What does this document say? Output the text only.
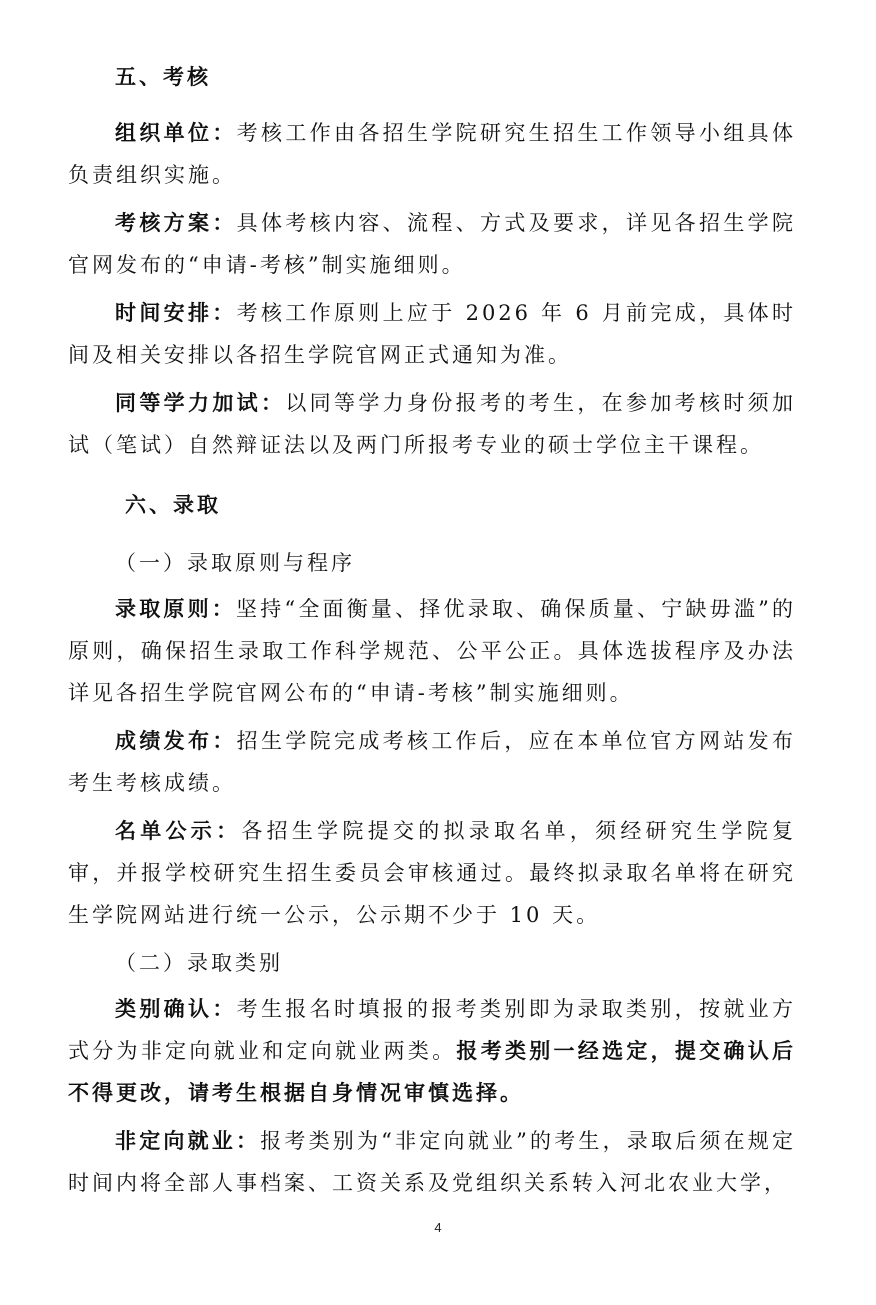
五、考核
组织单位：考核工作由各招生学院研究生招生工作领导小组具体负责组织实施。
考核方案：具体考核内容、流程、方式及要求，详见各招生学院官网发布的“申请-考核”制实施细则。
时间安排：考核工作原则上应于 2026 年 6 月前完成，具体时间及相关安排以各招生学院官网正式通知为准。
同等学力加试：以同等学力身份报考的考生，在参加考核时须加试（笔试）自然辩证法以及两门所报考专业的硕士学位主干课程。
六、录取
（一）录取原则与程序
录取原则：坚持“全面衡量、择优录取、确保质量、宁缺毋滥”的原则，确保招生录取工作科学规范、公平公正。具体选拔程序及办法详见各招生学院官网公布的“申请-考核”制实施细则。
成绩发布：招生学院完成考核工作后，应在本单位官方网站发布考生考核成绩。
名单公示：各招生学院提交的拟录取名单，须经研究生学院复审，并报学校研究生招生委员会审核通过。最终拟录取名单将在研究生学院网站进行统一公示，公示期不少于 10 天。
（二）录取类别
类别确认：考生报名时填报的报考类别即为录取类别，按就业方式分为非定向就业和定向就业两类。报考类别一经选定，提交确认后不得更改，请考生根据自身情况审慎选择。
非定向就业：报考类别为“非定向就业”的考生，录取后须在规定时间内将全部人事档案、工资关系及党组织关系转入河北农业大学，
4
